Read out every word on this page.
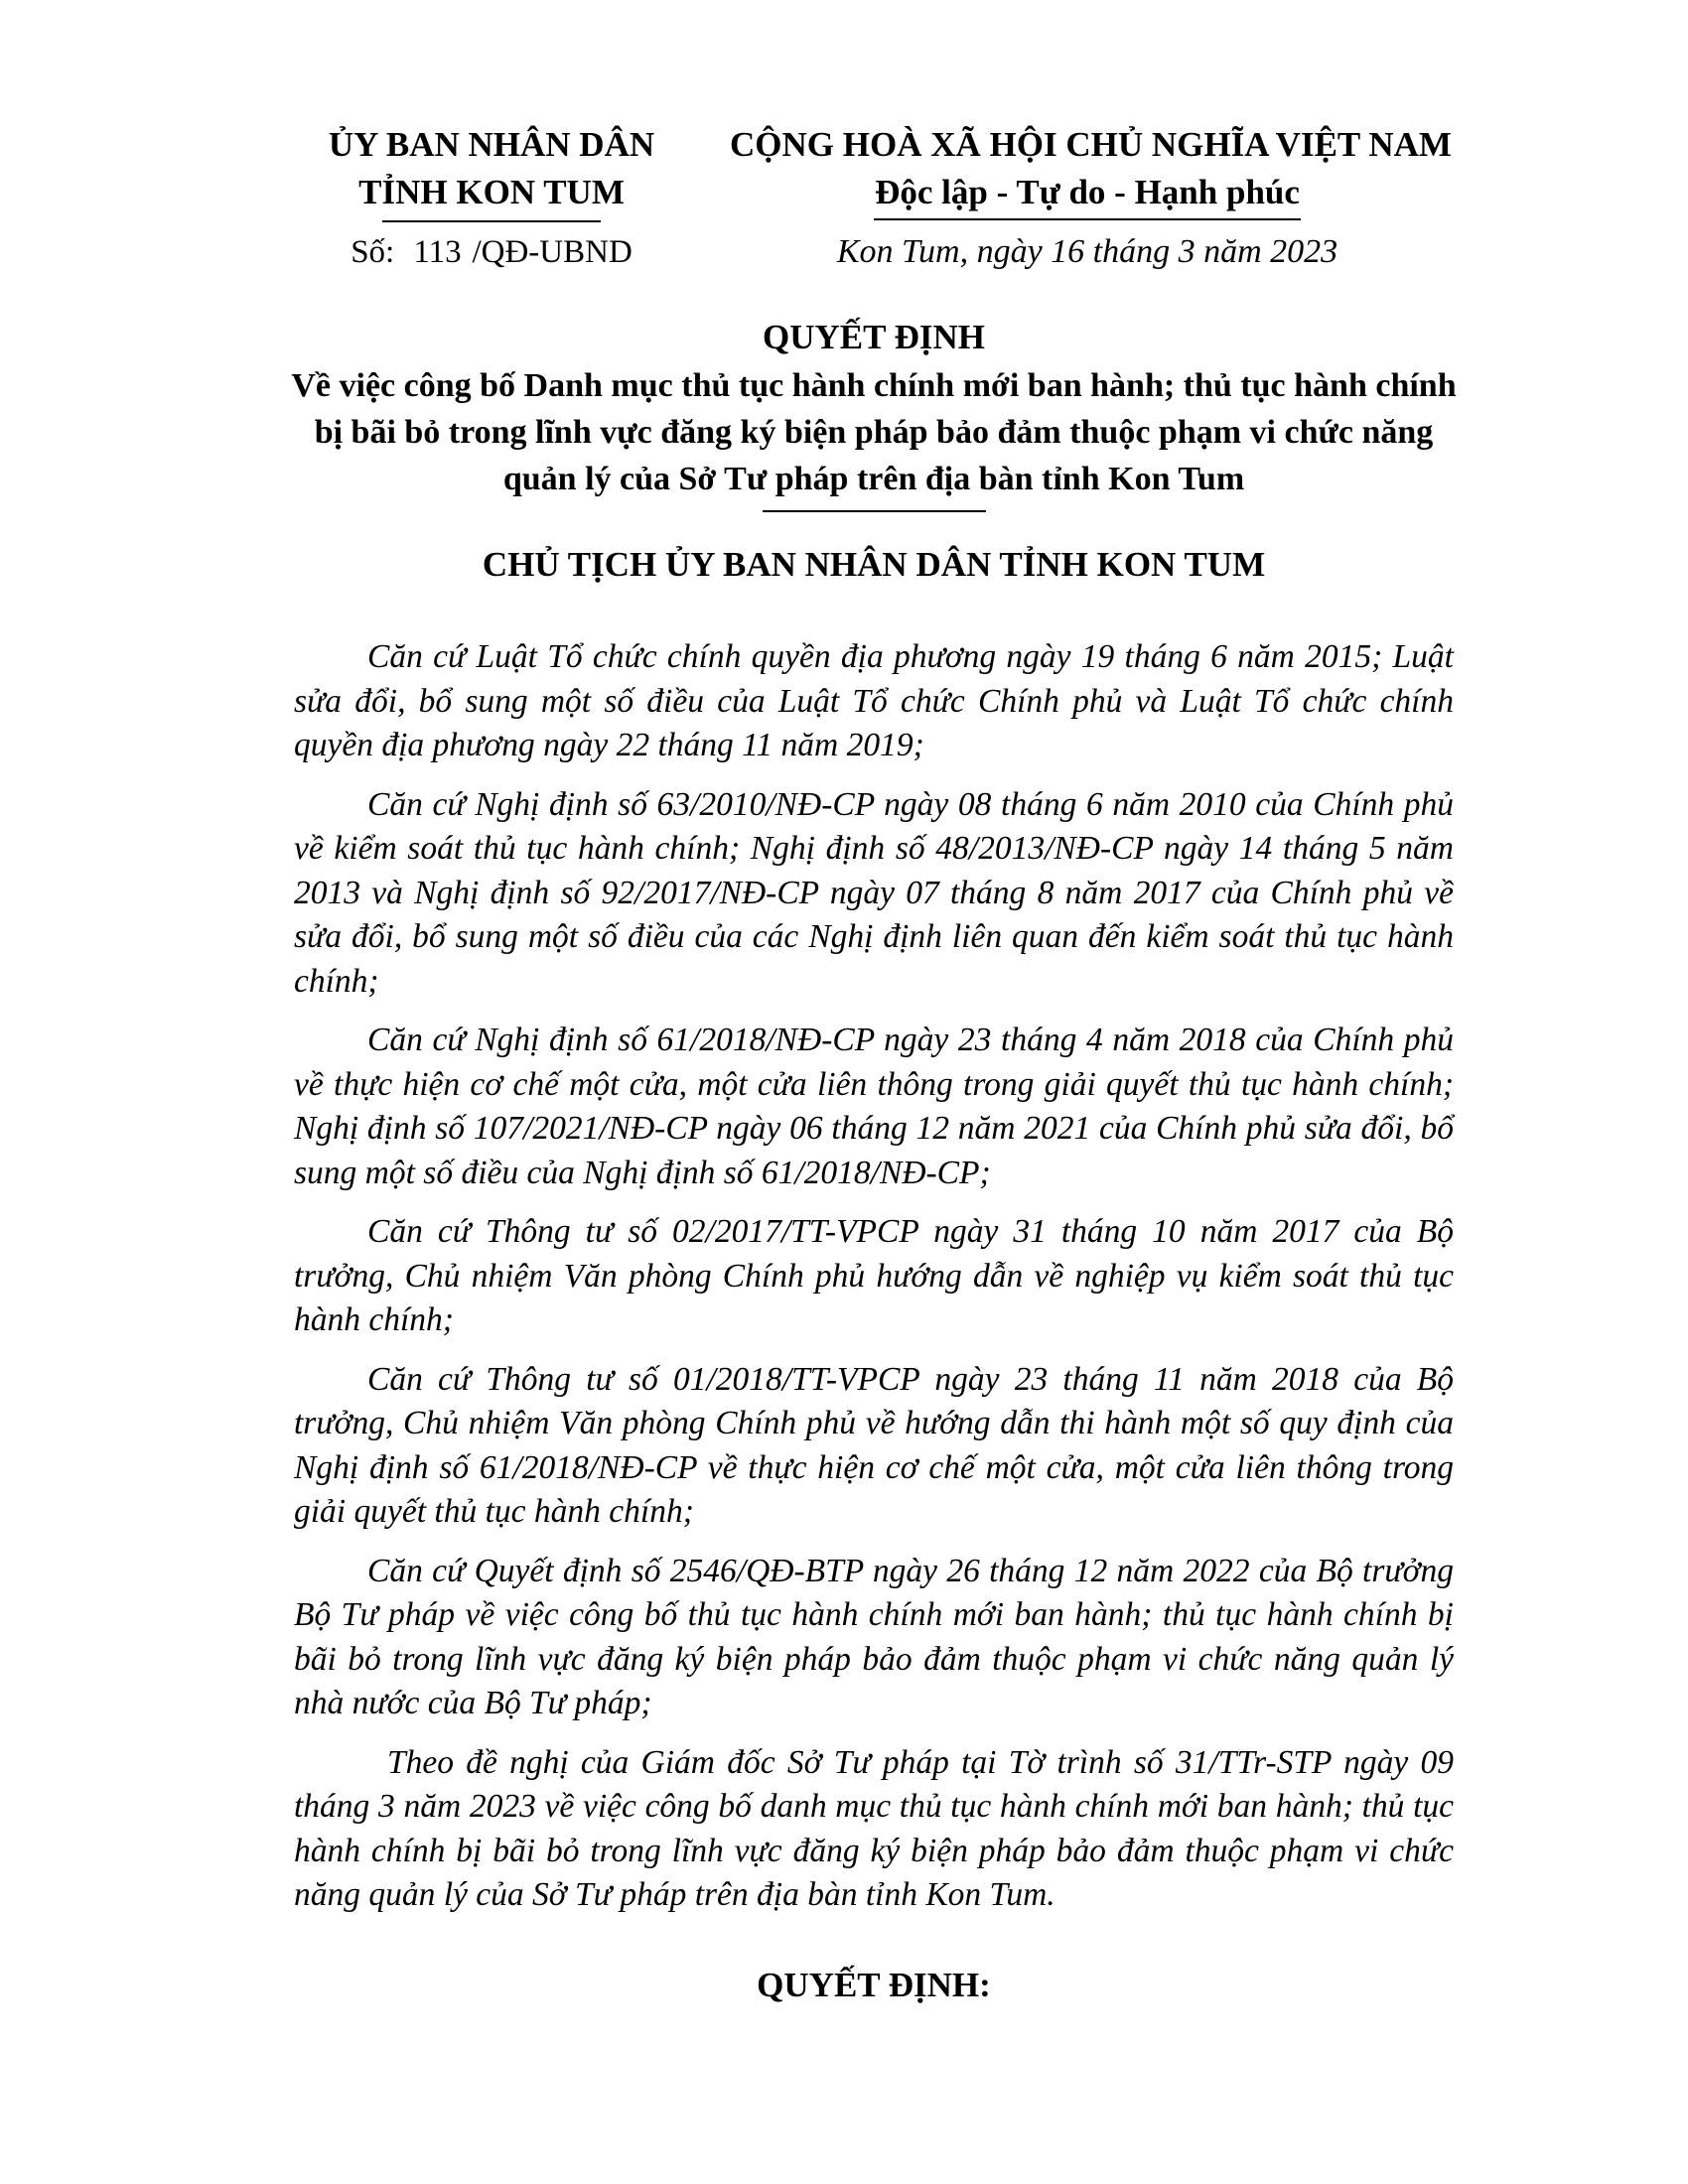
ỦY BAN NHÂN DÂN
TỈNH KON TUM
CỘNG HOÀ XÃ HỘI CHỦ NGHĨA VIỆT NAM
Độc lập - Tự do - Hạnh phúc
Số: 113 /QĐ-UBND	Kon Tum, ngày 16 tháng 3 năm 2023
QUYẾT ĐỊNH
Về việc công bố Danh mục thủ tục hành chính mới ban hành; thủ tục hành chính bị bãi bỏ trong lĩnh vực đăng ký biện pháp bảo đảm thuộc phạm vi chức năng quản lý của Sở Tư pháp trên địa bàn tỉnh Kon Tum
CHỦ TỊCH ỦY BAN NHÂN DÂN TỈNH KON TUM

Căn cứ Luật Tổ chức chính quyền địa phương ngày 19 tháng 6 năm 2015; Luật sửa đổi, bổ sung một số điều của Luật Tổ chức Chính phủ và Luật Tổ chức chính quyền địa phương ngày 22 tháng 11 năm 2019;

Căn cứ Nghị định số 63/2010/NĐ-CP ngày 08 tháng 6 năm 2010 của Chính phủ về kiểm soát thủ tục hành chính; Nghị định số 48/2013/NĐ-CP ngày 14 tháng 5 năm 2013 và Nghị định số 92/2017/NĐ-CP ngày 07 tháng 8 năm 2017 của Chính phủ về sửa đổi, bổ sung một số điều của các Nghị định liên quan đến kiểm soát thủ tục hành chính;

Căn cứ Nghị định số 61/2018/NĐ-CP ngày 23 tháng 4 năm 2018 của Chính phủ về thực hiện cơ chế một cửa, một cửa liên thông trong giải quyết thủ tục hành chính; Nghị định số 107/2021/NĐ-CP ngày 06 tháng 12 năm 2021 của Chính phủ sửa đổi, bổ sung một số điều của Nghị định số 61/2018/NĐ-CP;

Căn cứ Thông tư số 02/2017/TT-VPCP ngày 31 tháng 10 năm 2017 của Bộ trưởng, Chủ nhiệm Văn phòng Chính phủ hướng dẫn về nghiệp vụ kiểm soát thủ tục hành chính;

Căn cứ Thông tư số 01/2018/TT-VPCP ngày 23 tháng 11 năm 2018 của Bộ trưởng, Chủ nhiệm Văn phòng Chính phủ về hướng dẫn thi hành một số quy định của Nghị định số 61/2018/NĐ-CP về thực hiện cơ chế một cửa, một cửa liên thông trong giải quyết thủ tục hành chính;

Căn cứ Quyết định số 2546/QĐ-BTP ngày 26 tháng 12 năm 2022 của Bộ trưởng Bộ Tư pháp về việc công bố thủ tục hành chính mới ban hành; thủ tục hành chính bị bãi bỏ trong lĩnh vực đăng ký biện pháp bảo đảm thuộc phạm vi chức năng quản lý nhà nước của Bộ Tư pháp;

Theo đề nghị của Giám đốc Sở Tư pháp tại Tờ trình số 31/TTr-STP ngày 09 tháng 3 năm 2023 về việc công bố danh mục thủ tục hành chính mới ban hành; thủ tục hành chính bị bãi bỏ trong lĩnh vực đăng ký biện pháp bảo đảm thuộc phạm vi chức năng quản lý của Sở Tư pháp trên địa bàn tỉnh Kon Tum.

QUYẾT ĐỊNH:
